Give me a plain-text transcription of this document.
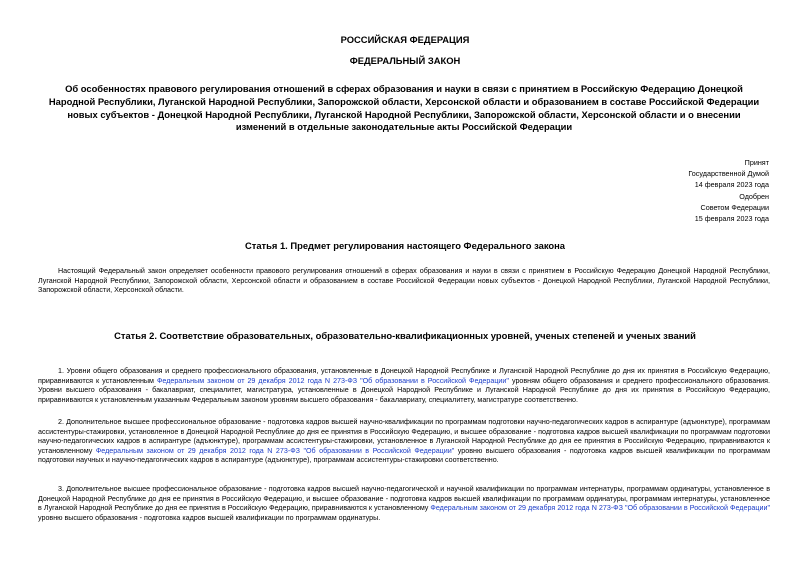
РОССИЙСКАЯ ФЕДЕРАЦИЯ
ФЕДЕРАЛЬНЫЙ ЗАКОН
Об особенностях правового регулирования отношений в сферах образования и науки в связи с принятием в Российскую Федерацию Донецкой Народной Республики, Луганской Народной Республики, Запорожской области, Херсонской области и образованием в составе Российской Федерации новых субъектов - Донецкой Народной Республики, Луганской Народной Республики, Запорожской области, Херсонской области и о внесении изменений в отдельные законодательные акты Российской Федерации
Принят
Государственной Думой
14 февраля 2023 года
Одобрен
Советом Федерации
15 февраля 2023 года
Статья 1. Предмет регулирования настоящего Федерального закона
Настоящий Федеральный закон определяет особенности правового регулирования отношений в сферах образования и науки в связи с принятием в Российскую Федерацию Донецкой Народной Республики, Луганской Народной Республики, Запорожской области, Херсонской области и образованием в составе Российской Федерации новых субъектов - Донецкой Народной Республики, Луганской Народной Республики, Запорожской области, Херсонской области.
Статья 2. Соответствие образовательных, образовательно-квалификационных уровней, ученых степеней и ученых званий
1. Уровни общего образования и среднего профессионального образования, установленные в Донецкой Народной Республике и Луганской Народной Республике до дня их принятия в Российскую Федерацию, приравниваются к установленным Федеральным законом от 29 декабря 2012 года N 273-ФЗ "Об образовании в Российской Федерации" уровням общего образования и среднего профессионального образования. Уровни высшего образования - бакалавриат, специалитет, магистратура, установленные в Донецкой Народной Республике и Луганской Народной Республике до дня их принятия в Российскую Федерацию, приравниваются к установленным указанным Федеральным законом уровням высшего образования - бакалавриату, специалитету, магистратуре соответственно.
2. Дополнительное высшее профессиональное образование - подготовка кадров высшей научно-квалификации по программам подготовки научно-педагогических кадров в аспирантуре (адъюнктуре), программам ассистентуры-стажировки, установленное в Донецкой Народной Республике до дня ее принятия в Российскую Федерацию, и высшее образование - подготовка кадров высшей квалификации по программам подготовки научно-педагогических кадров в аспирантуре (адъюнктуре), программам ассистентуры-стажировки, установленное в Луганской Народной Республике до дня ее принятия в Российскую Федерацию, приравниваются к установленному Федеральным законом от 29 декабря 2012 года N 273-ФЗ "Об образовании в Российской Федерации" уровню высшего образования - подготовка кадров высшей квалификации по программам подготовки научных и научно-педагогических кадров в аспирантуре (адъюнктуре), программам ассистентуры-стажировки соответственно.
3. Дополнительное высшее профессиональное образование - подготовка кадров высшей научно-педагогической и научной квалификации по программам интернатуры, программам ординатуры, установленное в Донецкой Народной Республике до дня ее принятия в Российскую Федерацию, и высшее образование - подготовка кадров высшей квалификации по программам ординатуры, программам интернатуры, установленное в Луганской Народной Республике до дня ее принятия в Российскую Федерацию, приравниваются к установленному Федеральным законом от 29 декабря 2012 года N 273-ФЗ "Об образовании в Российской Федерации" уровню высшего образования - подготовка кадров высшей квалификации по программам ординатуры.
